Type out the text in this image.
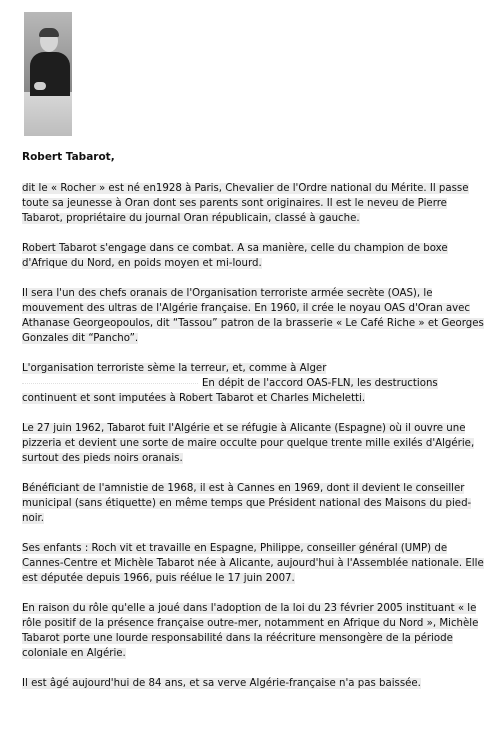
Robert Tabarot,

dit le « Rocher » est né en1928 à Paris, Chevalier de l'Ordre national du Mérite. Il passe toute sa jeunesse à Oran dont ses parents sont originaires. Il est le neveu de Pierre Tabarot, propriétaire du journal Oran républicain, classé à gauche.

Robert Tabarot s'engage dans ce combat. A sa manière, celle du champion de boxe d'Afrique du Nord, en poids moyen et mi-lourd.

Il sera l'un des chefs oranais de l'Organisation terroriste armée secrète (OAS), le mouvement des ultras de l'Algérie française. En 1960, il crée le noyau OAS d'Oran avec Athanase Georgeopoulos, dit “Tassou” patron de la brasserie « Le Café Riche » et Georges Gonzales dit “Pancho”.

L'organisation terroriste sème la terreur, et, comme à Alger
En dépit de l'accord OAS-FLN, les destructions continuent et sont imputées à Robert Tabarot et Charles Micheletti.

Le 27 juin 1962, Tabarot fuit l'Algérie et se réfugie à Alicante (Espagne) où il ouvre une pizzeria et devient une sorte de maire occulte pour quelque trente mille exilés d'Algérie, surtout des pieds noirs oranais.

Bénéficiant de l'amnistie de 1968, il est à Cannes en 1969, dont il devient le conseiller municipal (sans étiquette) en même temps que Président national des Maisons du pied-noir.

Ses enfants : Roch vit et travaille en Espagne, Philippe, conseiller général (UMP) de Cannes-Centre et Michèle Tabarot née à Alicante, aujourd'hui à l'Assemblée nationale. Elle est députée depuis 1966, puis réélue le 17 juin 2007.

En raison du rôle qu'elle a joué dans l'adoption de la loi du 23 février 2005 instituant « le rôle positif de la présence française outre-mer, notamment en Afrique du Nord », Michèle Tabarot porte une lourde responsabilité dans la réécriture mensongère de la période coloniale en Algérie.

Il est âgé aujourd'hui de 84 ans, et sa verve Algérie-française n'a pas baissée.
